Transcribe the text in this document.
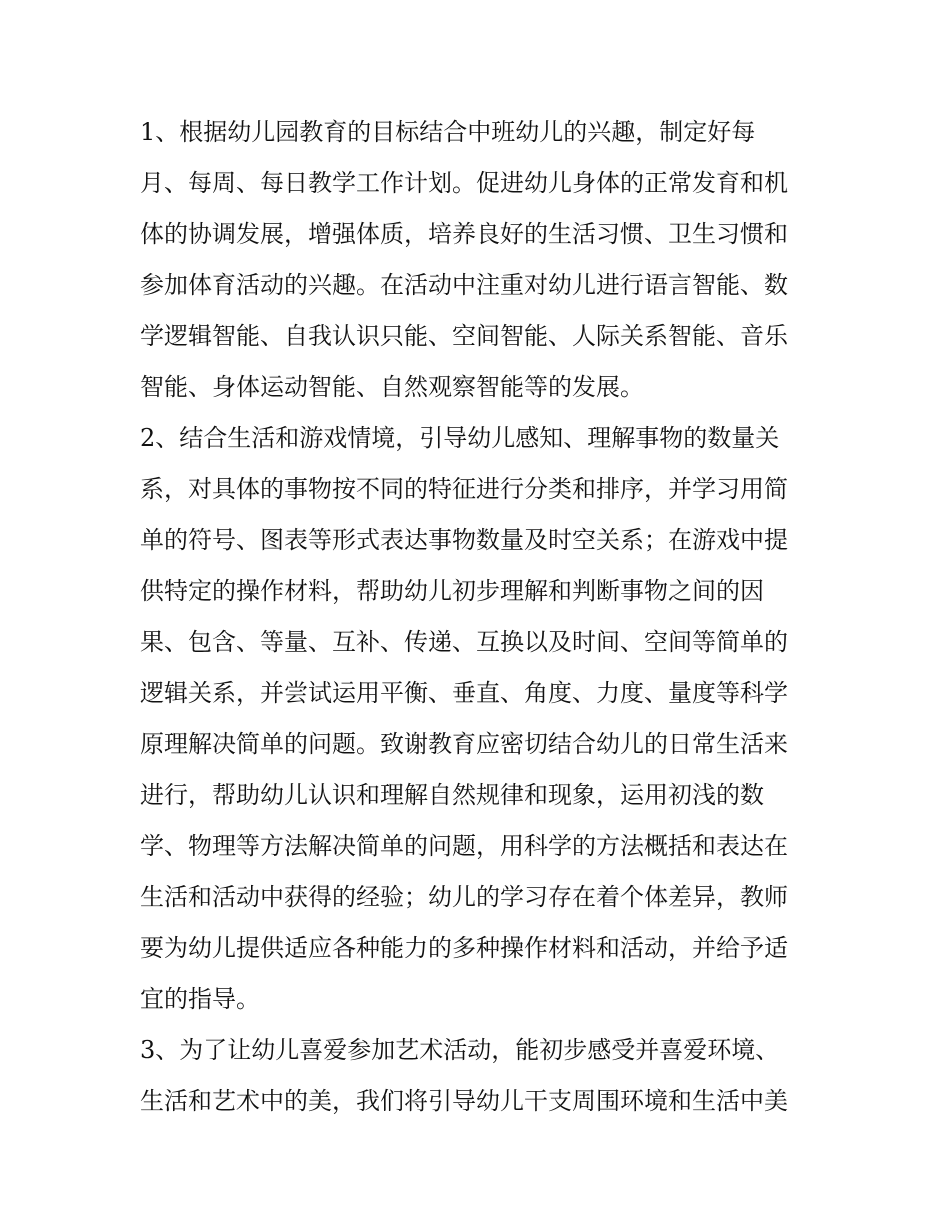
1、根据幼儿园教育的目标结合中班幼儿的兴趣，制定好每
月、每周、每日教学工作计划。促进幼儿身体的正常发育和机
体的协调发展，增强体质，培养良好的生活习惯、卫生习惯和
参加体育活动的兴趣。在活动中注重对幼儿进行语言智能、数
学逻辑智能、自我认识只能、空间智能、人际关系智能、音乐
智能、身体运动智能、自然观察智能等的发展。
2、结合生活和游戏情境，引导幼儿感知、理解事物的数量关
系，对具体的事物按不同的特征进行分类和排序，并学习用简
单的符号、图表等形式表达事物数量及时空关系；在游戏中提
供特定的操作材料，帮助幼儿初步理解和判断事物之间的因
果、包含、等量、互补、传递、互换以及时间、空间等简单的
逻辑关系，并尝试运用平衡、垂直、角度、力度、量度等科学
原理解决简单的问题。致谢教育应密切结合幼儿的日常生活来
进行，帮助幼儿认识和理解自然规律和现象，运用初浅的数
学、物理等方法解决简单的问题，用科学的方法概括和表达在
生活和活动中获得的经验；幼儿的学习存在着个体差异，教师
要为幼儿提供适应各种能力的多种操作材料和活动，并给予适
宜的指导。
3、为了让幼儿喜爱参加艺术活动，能初步感受并喜爱环境、
生活和艺术中的美，我们将引导幼儿干支周围环境和生活中美
